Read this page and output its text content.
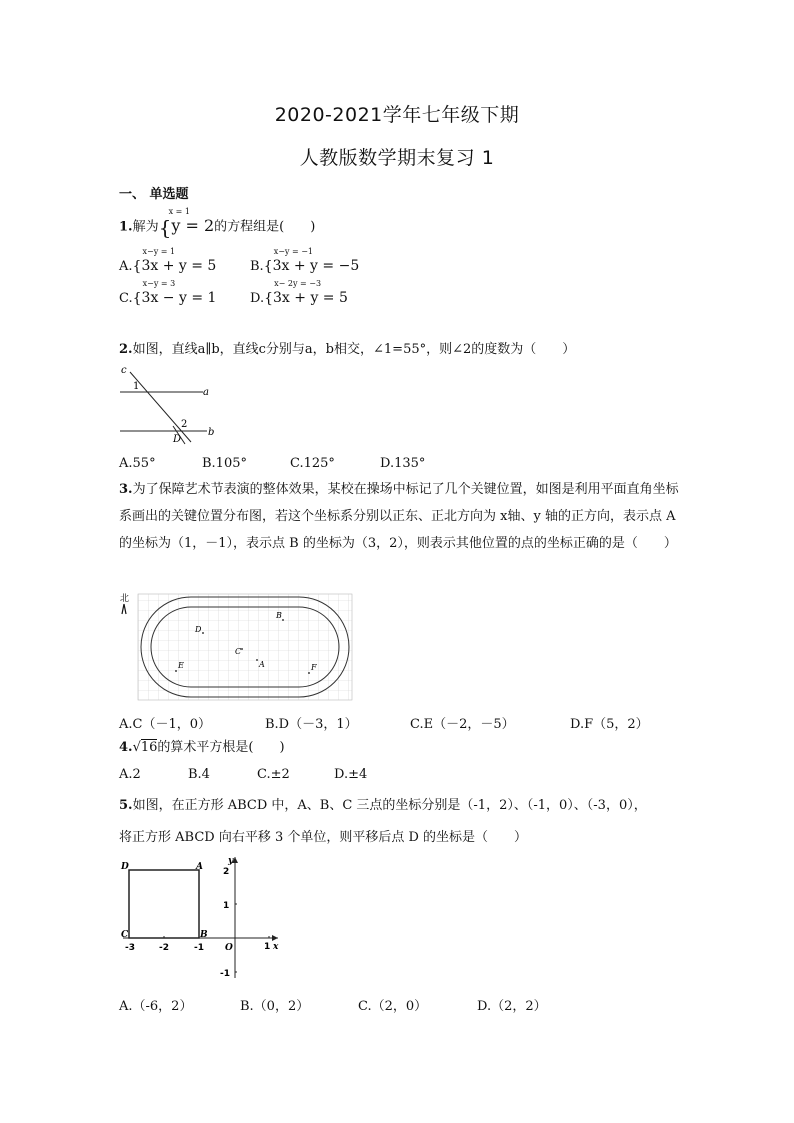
2020-2021学年七年级下期
人教版数学期末复习 1
一、 单选题
1.解为{
x = 1
y = 2的方程组是(　　)
A.{
x−y = 1
3x + y = 5	B.{
x−y = −1
3x + y = −5
C.{
x−y = 3
3x − y = 1	D.{
x− 2y = −3
3x + y = 5
2.如图，直线a∥b，直线c分别与a，b相交，∠1=55°，则∠2的度数为（　　）
c
1
a
2
b
D
A.55°	B.105°	C.125°	D.135°
3.为了保障艺术节表演的整体效果，某校在操场中标记了几个关键位置，如图是利用平面直角坐标系画出的关键位置分布图，若这个坐标系分别以正东、正北方向为 x轴、y 轴的正方向，表示点 A 的坐标为（1，－1），表示点 B 的坐标为（3，2），则表示其他位置的点的坐标正确的是（　　）
北
B
D
C
A
E	F
A.C（－1，0）	B.D（－3，1）	C.E（－2，－5）	D.F（5，2）
4.√16的算术平方根是(　　)
A.2	B.4	C.±2	D.±4
5.如图，在正方形 ABCD 中，A、B、C 三点的坐标分别是（-1，2）、（-1，0）、（-3，0），
将正方形 ABCD 向右平移 3 个单位，则平移后点 D 的坐标是（　　）
D	A
C	B
y
x
O
2
1
-1
-3	-2	-1	1
A.（-6，2）	B.（0，2）	C.（2，0）	D.（2，2）
